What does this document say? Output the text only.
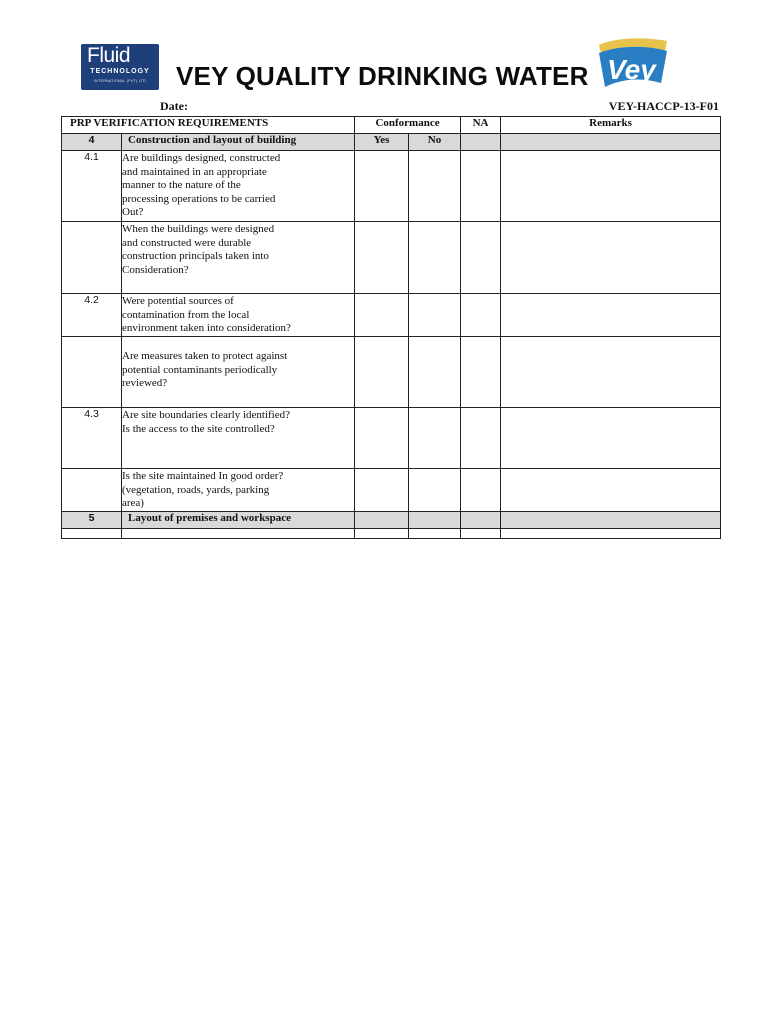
Fluid
TECHNOLOGY
INTERNATIONAL (PVT) LTD	VEY QUALITY DRINKING WATER Vey
Date:	VEY-HACCP-13-F01
PRP VERIFICATION REQUIREMENTS		Conformance		NA	Remarks
4	Construction and layout of building	Yes	No		
4.1	Are buildings designed, constructed
and maintained in an appropriate
manner to the nature of the
processing operations to be carried
Out?				

	When the buildings were designed
and constructed were durable
construction principals taken into
Consideration?				

4.2	Were potential sources of
contamination from the local
environment taken into consideration?				

	Are measures taken to protect against
potential contaminants periodically
reviewed?				

4.3	Are site boundaries clearly identified?
Is the access to the site controlled?				

	Is the site maintained In good order?
(vegetation, roads, yards, parking
area)				

5	Layout of premises and workspace				
